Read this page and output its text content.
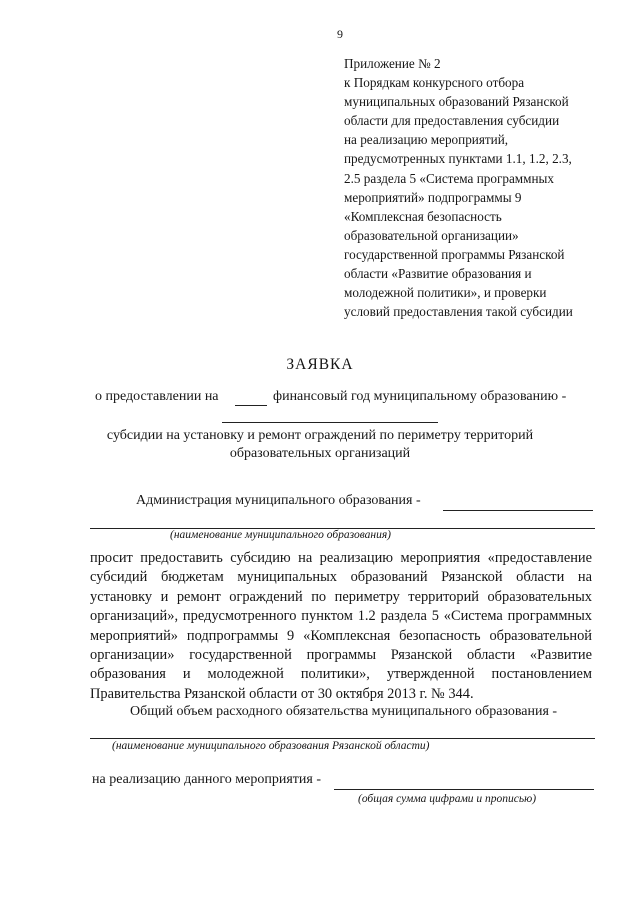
9
Приложение № 2
к Порядкам конкурсного отбора
муниципальных образований Рязанской
области для предоставления субсидии
на реализацию мероприятий,
предусмотренных пунктами 1.1, 1.2, 2.3,
2.5 раздела 5 «Система программных
мероприятий» подпрограммы 9
«Комплексная безопасность
образовательной организации»
государственной программы Рязанской
области «Развитие образования и
молодежной политики», и проверки
условий предоставления такой субсидии
ЗАЯВКА
о предоставлении на	финансовый год муниципальному образованию -
субсидии на установку и ремонт ограждений по периметру территорий
образовательных организаций
Администрация муниципального образования -
(наименование муниципального образования)

просит предоставить субсидию на реализацию мероприятия «предоставление субсидий бюджетам муниципальных образований Рязанской области на установку и ремонт ограждений по периметру территорий образовательных организаций», предусмотренного пунктом 1.2 раздела 5 «Система программных мероприятий» подпрограммы 9 «Комплексная безопасность образовательной организации» государственной программы Рязанской области «Развитие образования и молодежной политики», утвержденной постановлением Правительства Рязанской области от 30 октября 2013 г. № 344.

Общий объем расходного обязательства муниципального образования -
(наименование муниципального образования Рязанской области)
на реализацию данного мероприятия -
(общая сумма цифрами и прописью)
